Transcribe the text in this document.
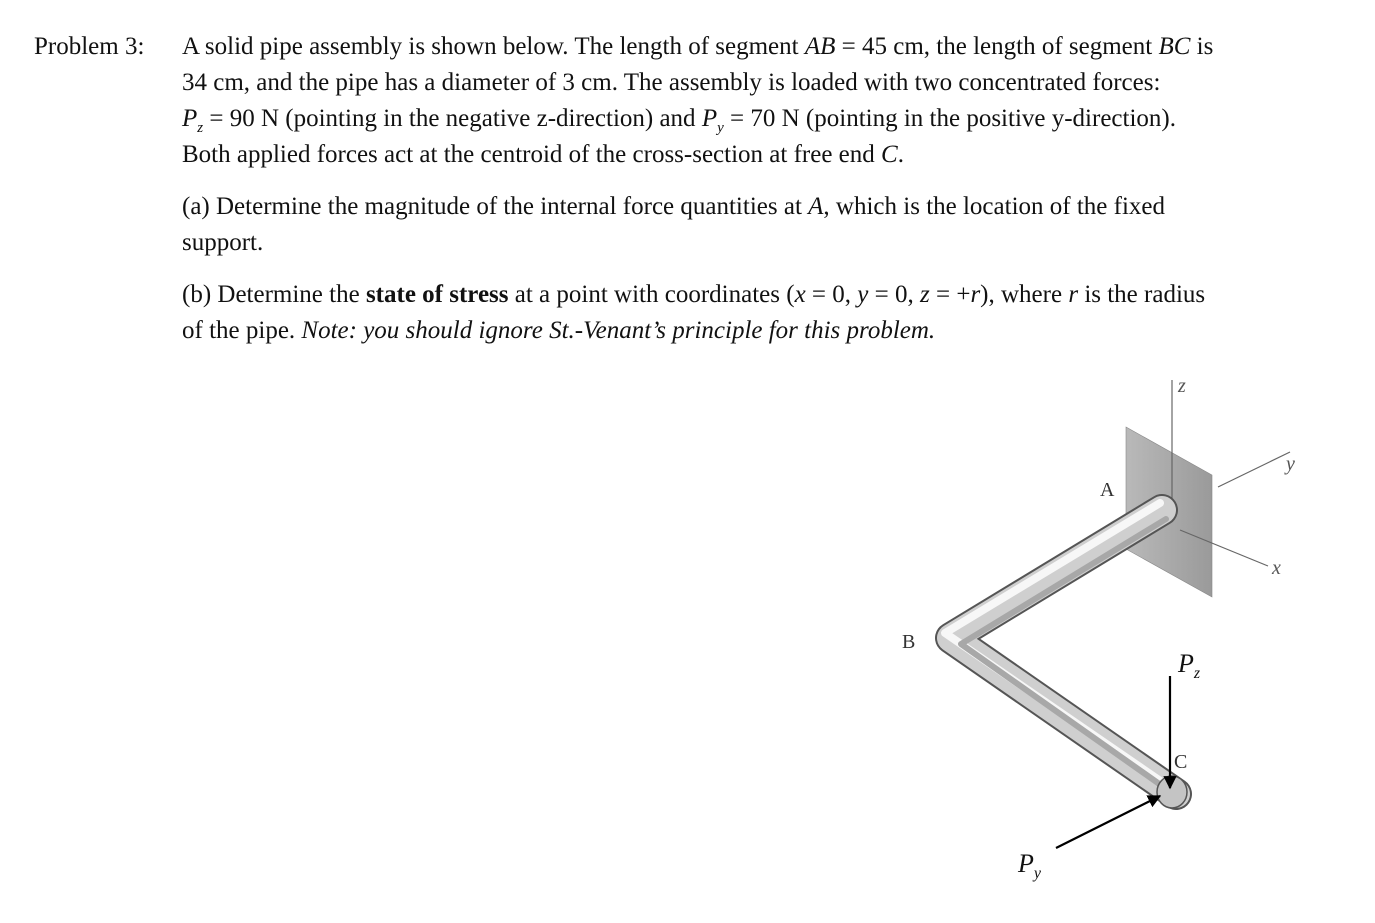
Problem 3: A solid pipe assembly is shown below. The length of segment AB = 45 cm, the length of segment BC is
34 cm, and the pipe has a diameter of 3 cm. The assembly is loaded with two concentrated forces:
$P_z = 90$ N (pointing in the negative z-direction) and $P_y = 70$ N (pointing in the positive y-direction).
Both applied forces act at the centroid of the cross-section at free end C.

(a) Determine the magnitude of the internal force quantities at A, which is the location of the fixed
support.

(b) Determine the state of stress at a point with coordinates (x = 0, y = 0, z = +r), where r is the radius
of the pipe. Note: you should ignore St.-Venant’s principle for this problem.

z
y
x
A
B
C
$P_z$
$P_y$
